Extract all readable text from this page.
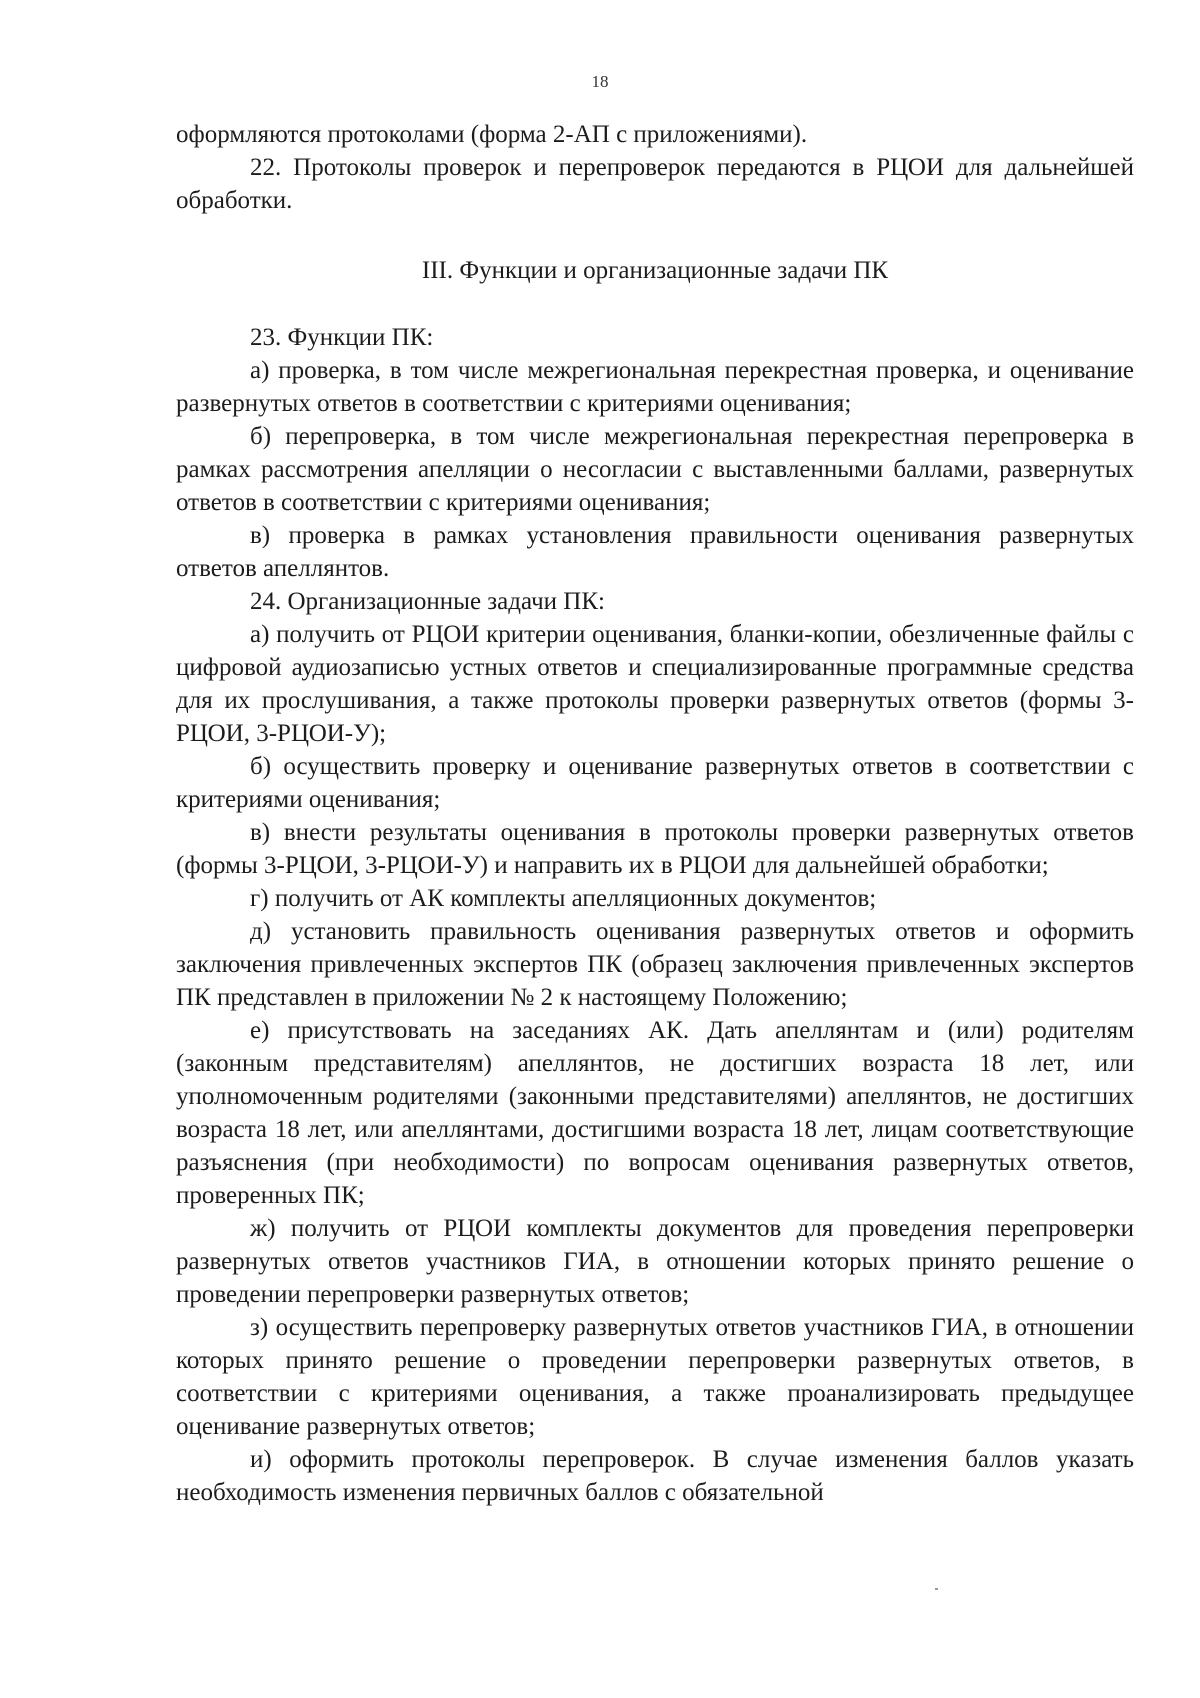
18

оформляются протоколами (форма 2-АП с приложениями).

22. Протоколы проверок и перепроверок передаются в РЦОИ для дальнейшей обработки.

III. Функции и организационные задачи ПК

23. Функции ПК:

а) проверка, в том числе межрегиональная перекрестная проверка, и оценивание развернутых ответов в соответствии с критериями оценивания;

б) перепроверка, в том числе межрегиональная перекрестная перепроверка в рамках рассмотрения апелляции о несогласии с выставленными баллами, развернутых ответов в соответствии с критериями оценивания;

в) проверка в рамках установления правильности оценивания развернутых ответов апеллянтов.

24. Организационные задачи ПК:

а) получить от РЦОИ критерии оценивания, бланки-копии, обезличенные файлы с цифровой аудиозаписью устных ответов и специализированные программные средства для их прослушивания, а также протоколы проверки развернутых ответов (формы 3-РЦОИ, 3-РЦОИ-У);

б) осуществить проверку и оценивание развернутых ответов в соответствии с критериями оценивания;

в) внести результаты оценивания в протоколы проверки развернутых ответов (формы 3-РЦОИ, 3-РЦОИ-У) и направить их в РЦОИ для дальнейшей обработки;

г) получить от АК комплекты апелляционных документов;

д) установить правильность оценивания развернутых ответов и оформить заключения привлеченных экспертов ПК (образец заключения привлеченных экспертов ПК представлен в приложении № 2 к настоящему Положению;

е) присутствовать на заседаниях АК. Дать апеллянтам и (или) родителям (законным представителям) апеллянтов, не достигших возраста 18 лет, или уполномоченным родителями (законными представителями) апеллянтов, не достигших возраста 18 лет, или апеллянтами, достигшими возраста 18 лет, лицам соответствующие разъяснения (при необходимости) по вопросам оценивания развернутых ответов, проверенных ПК;

ж) получить от РЦОИ комплекты документов для проведения перепроверки развернутых ответов участников ГИА, в отношении которых принято решение о проведении перепроверки развернутых ответов;

з) осуществить перепроверку развернутых ответов участников ГИА, в отношении которых принято решение о проведении перепроверки развернутых ответов, в соответствии с критериями оценивания, а также проанализировать предыдущее оценивание развернутых ответов;

и) оформить протоколы перепроверок. В случае изменения баллов указать необходимость изменения первичных баллов с обязательной
